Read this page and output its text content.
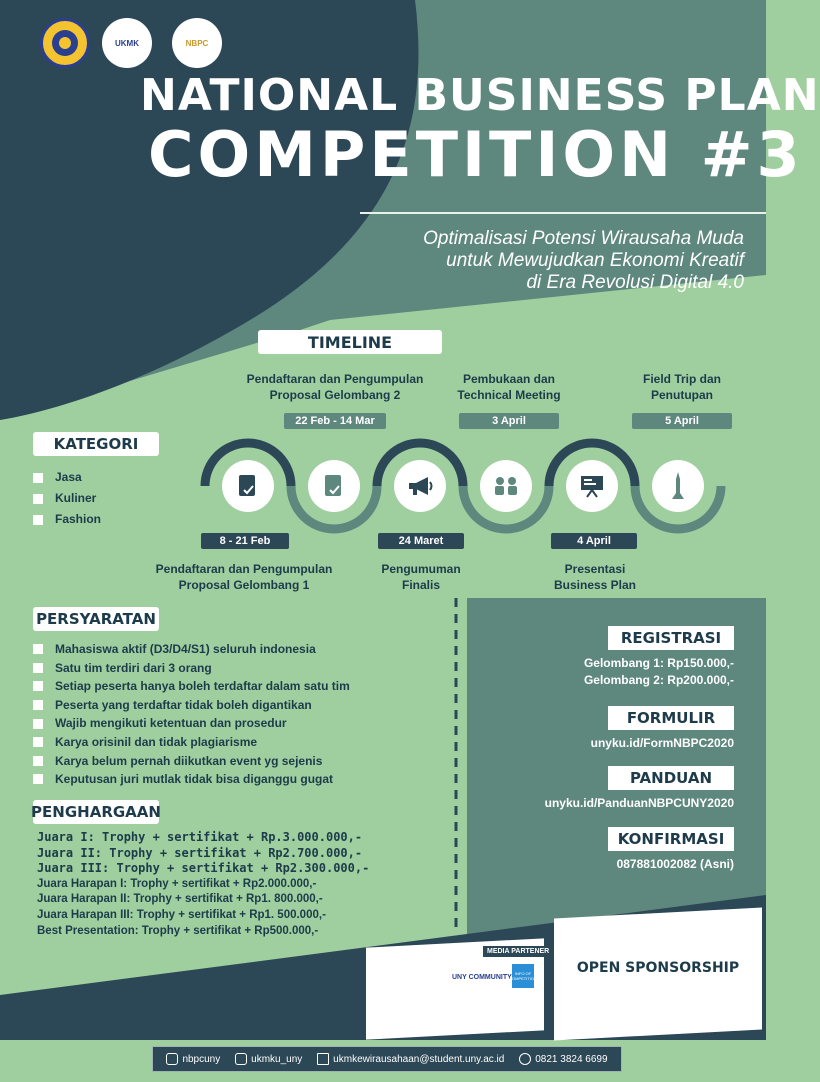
UKMK	NBPC
NATIONAL BUSINESS PLAN
COMPETITION #3
Optimalisasi Potensi Wirausaha Muda
untuk Mewujudkan Ekonomi Kreatif
di Era Revolusi Digital 4.0
TIMELINE
Pendaftaran dan Pengumpulan
Proposal Gelombang 2
22 Feb - 14 Mar
Pembukaan dan
Technical Meeting
3 April
Field Trip dan
Penutupan
5 April
8 - 21 Feb
Pendaftaran dan Pengumpulan
Proposal Gelombang 1
24 Maret
Pengumuman
Finalis
4 April
Presentasi
Business Plan
KATEGORI
Jasa
Kuliner
Fashion
PERSYARATAN
Mahasiswa aktif (D3/D4/S1) seluruh indonesia
Satu tim terdiri dari 3 orang
Setiap peserta hanya boleh terdaftar dalam satu tim
Peserta yang terdaftar tidak boleh digantikan
Wajib mengikuti ketentuan dan prosedur
Karya orisinil dan tidak plagiarisme
Karya belum pernah diikutkan event yg sejenis
Keputusan juri mutlak tidak bisa diganggu gugat
PENGHARGAAN
Juara I: Trophy + sertifikat + Rp.3.000.000,-
Juara II: Trophy + sertifikat + Rp2.700.000,-
Juara III: Trophy + sertifikat + Rp2.300.000,-
Juara Harapan I: Trophy + sertifikat + Rp2.000.000,-
Juara Harapan II: Trophy + sertifikat + Rp1. 800.000,-
Juara Harapan III: Trophy + sertifikat + Rp1. 500.000,-
Best Presentation: Trophy + sertifikat + Rp500.000,-
REGISTRASI
Gelombang 1: Rp150.000,-
Gelombang 2: Rp200.000,-
FORMULIR
unyku.id/FormNBPC2020
PANDUAN
unyku.id/PanduanNBPCUNY2020
KONFIRMASI
087881002082 (Asni)
MEDIA PARTENER
UNY COMMUNITY
INFO OF COMPETITION
OPEN SPONSORSHIP
nbpcuny	ukmku_uny	ukmkewirausahaan@student.uny.ac.id	0821 3824 6699
